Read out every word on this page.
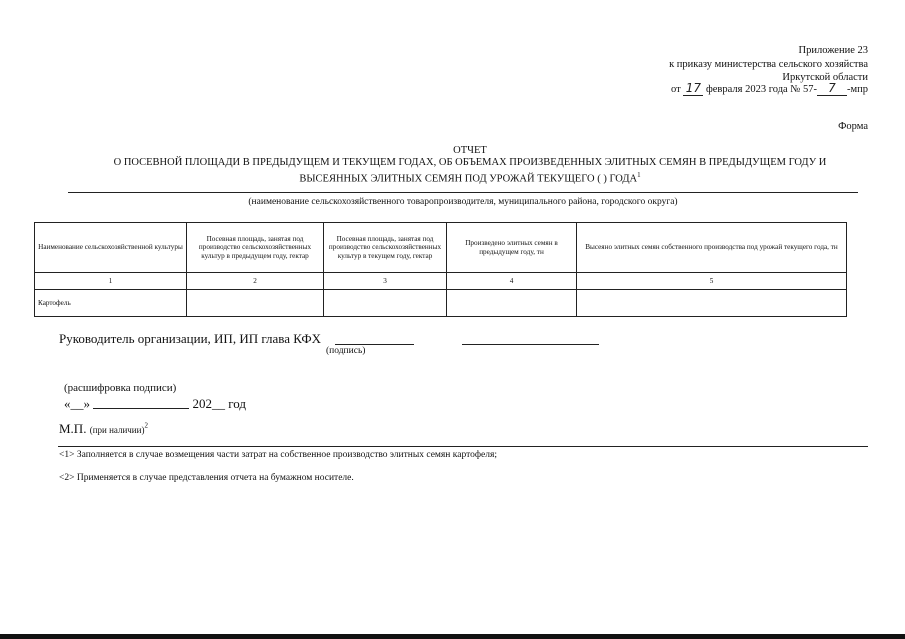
Приложение 23
к приказу министерства сельского хозяйства
Иркутской области
от 17 февраля 2023 года № 57- 7 -мпр
Форма
ОТЧЕТ
О ПОСЕВНОЙ ПЛОЩАДИ В ПРЕДЫДУЩЕМ И ТЕКУЩЕМ ГОДАХ, ОБ ОБЪЕМАХ ПРОИЗВЕДЕННЫХ ЭЛИТНЫХ СЕМЯН В ПРЕДЫДУЩЕМ ГОДУ И
ВЫСЕЯННЫХ ЭЛИТНЫХ СЕМЯН ПОД УРОЖАЙ ТЕКУЩЕГО ( ) ГОДА$^1$
(наименование сельскохозяйственного товаропроизводителя, муниципального района, городского округа)
Наименование сельскохозяйственной культуры	Посевная площадь, занятая под производство сельскохозяйственных культур в предыдущем году, гектар	Посевная площадь, занятая под производство сельскохозяйственных культур в текущем году, гектар	Произведено элитных семян в предыдущем году, тн	Высеяно элитных семян собственного производства под урожай текущего года, тн
1	2	3	4	5
Картофель				
Руководитель организации, ИП, ИП глава КФХ
(подпись)
(расшифровка подписи)
«__»	202__ год
М.П. (при наличии)$^2$
<1> Заполняется в случае возмещения части затрат на собственное производство элитных семян картофеля;
<2> Применяется в случае представления отчета на бумажном носителе.
